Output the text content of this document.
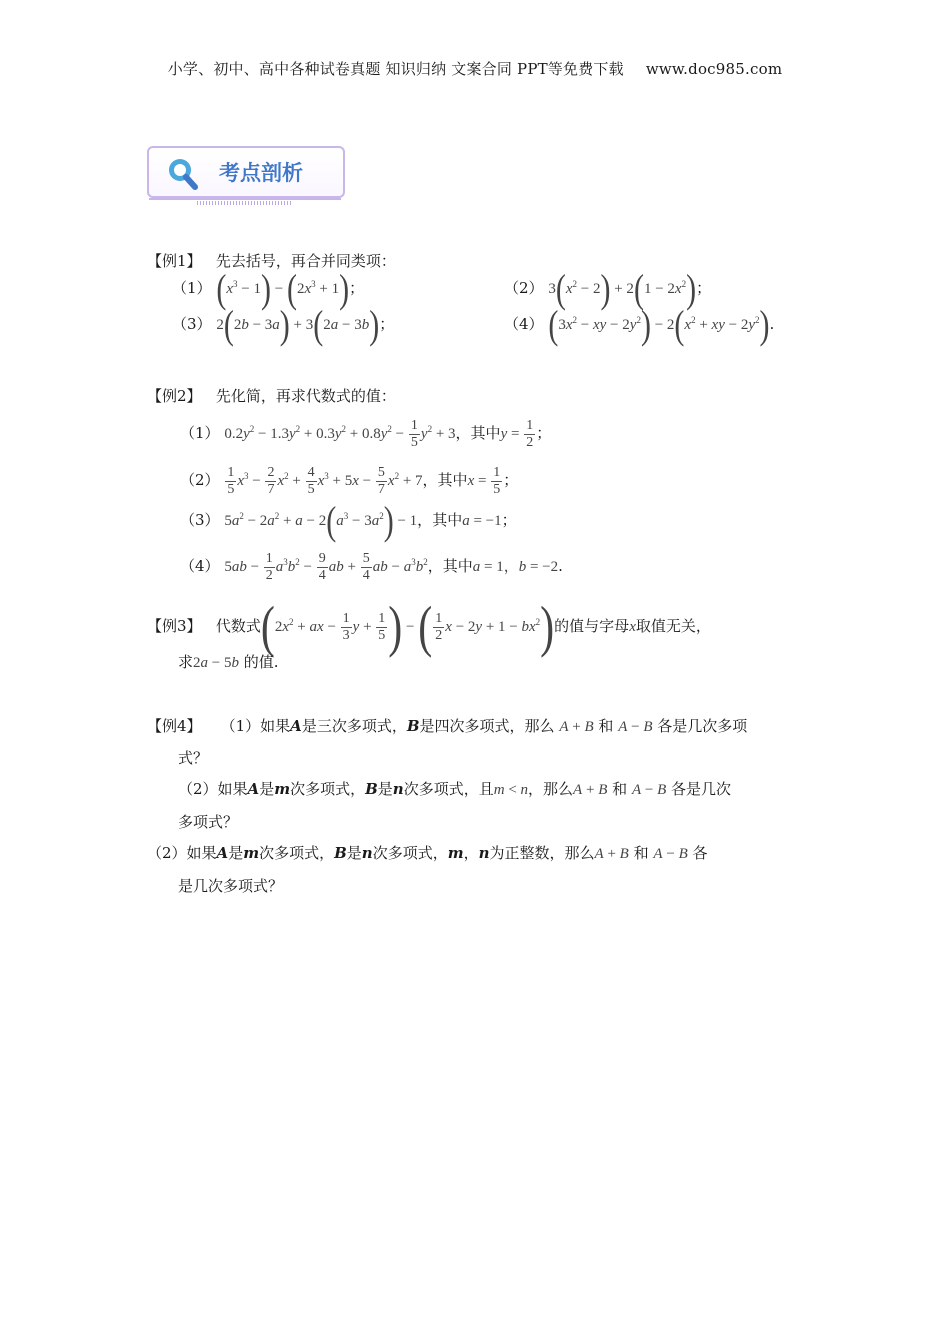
小学、初中、高中各种试卷真题 知识归纳 文案合同 PPT等免费下载 www.doc985.com
考点剖析
【例1】 先去括号，再合并同类项：
（1） $(x^3 - 1) - (2x^3 + 1)$；	（2） $3(x^2 - 2) + 2(1 - 2x^2)$；
（3） 2(2b − 3a) + 3(2a − 3b)；	（4） ($3x^2$ − xy − $2y^2) - 2(x^2$ + xy − $2y^2$).
【例2】 先化简，再求代数式的值：
（1） $0.2y^2 - 1.3y^2 + 0.3y^2 + 0.8y^2 - \frac{1}{5} y^2 + 3$，其中$y = \frac{1}{2}$ ；
$(2) \frac{1}{5} x^3 - \frac{2}{7} x^2 + \frac{4}{5} x^3 + 5x - \frac{5}{7} x^2 + 7$，其中$x = \frac{1}{5}$ ；
（3） $5a^2 - 2a^2 + a - 2(a^3 - 3a^2) - 1$，其中a = −1；
（4） $5ab - \frac{1}{2} a^3b^2 - \frac{9}{4}$ ab + $\frac{5}{4}$ ab − $a^3b^2$，其中a = 1，b = −2.
【例3】 代数式($2x^2$ + ax − $\frac{1}{3}$ $y + \frac{1}{5}$ ) − ( $\frac{1}{2}$ $x - 2y + 1 - bx^2$)的值与字母x取值无关，
求2a − 5b 的值.
【例4】 （1）如果A是三次多项式，B是四次多项式，那么 A + B 和 A − B 各是几次多项
式？
（2）如果A是m次多项式，B是n次多项式，且m < n，那么A + B 和 A − B 各是几次
多项式？
（2）如果A是m次多项式，B是n次多项式，m，n为正整数，那么A + B 和 A − B 各
是几次多项式？
